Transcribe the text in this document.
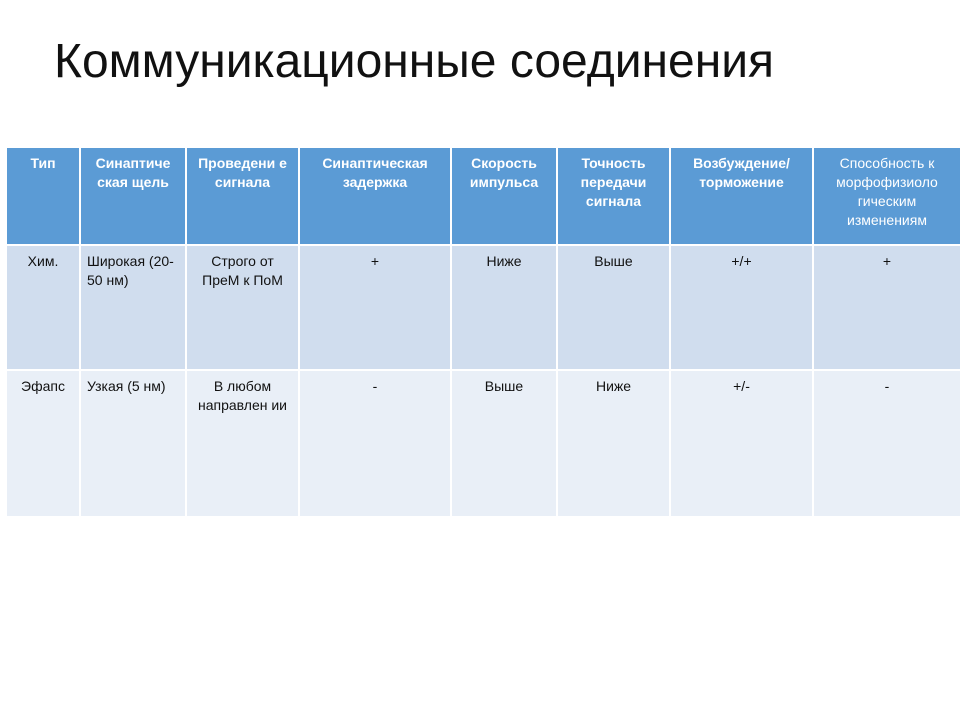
Коммуникационные соединения
Тип	Синаптиче ская щель	Проведени е сигнала	Синаптическая задержка	Скорость импульса	Точность передачи сигнала	Возбуждение/ торможение	Способность к морфофизиоло гическим изменениям
Хим.	Широкая (20-50 нм)	Строго от ПреМ к ПоМ	+	Ниже	Выше	+/+	+
Эфапс	Узкая (5 нм)	В любом направлен ии	-	Выше	Ниже	+/-	-
